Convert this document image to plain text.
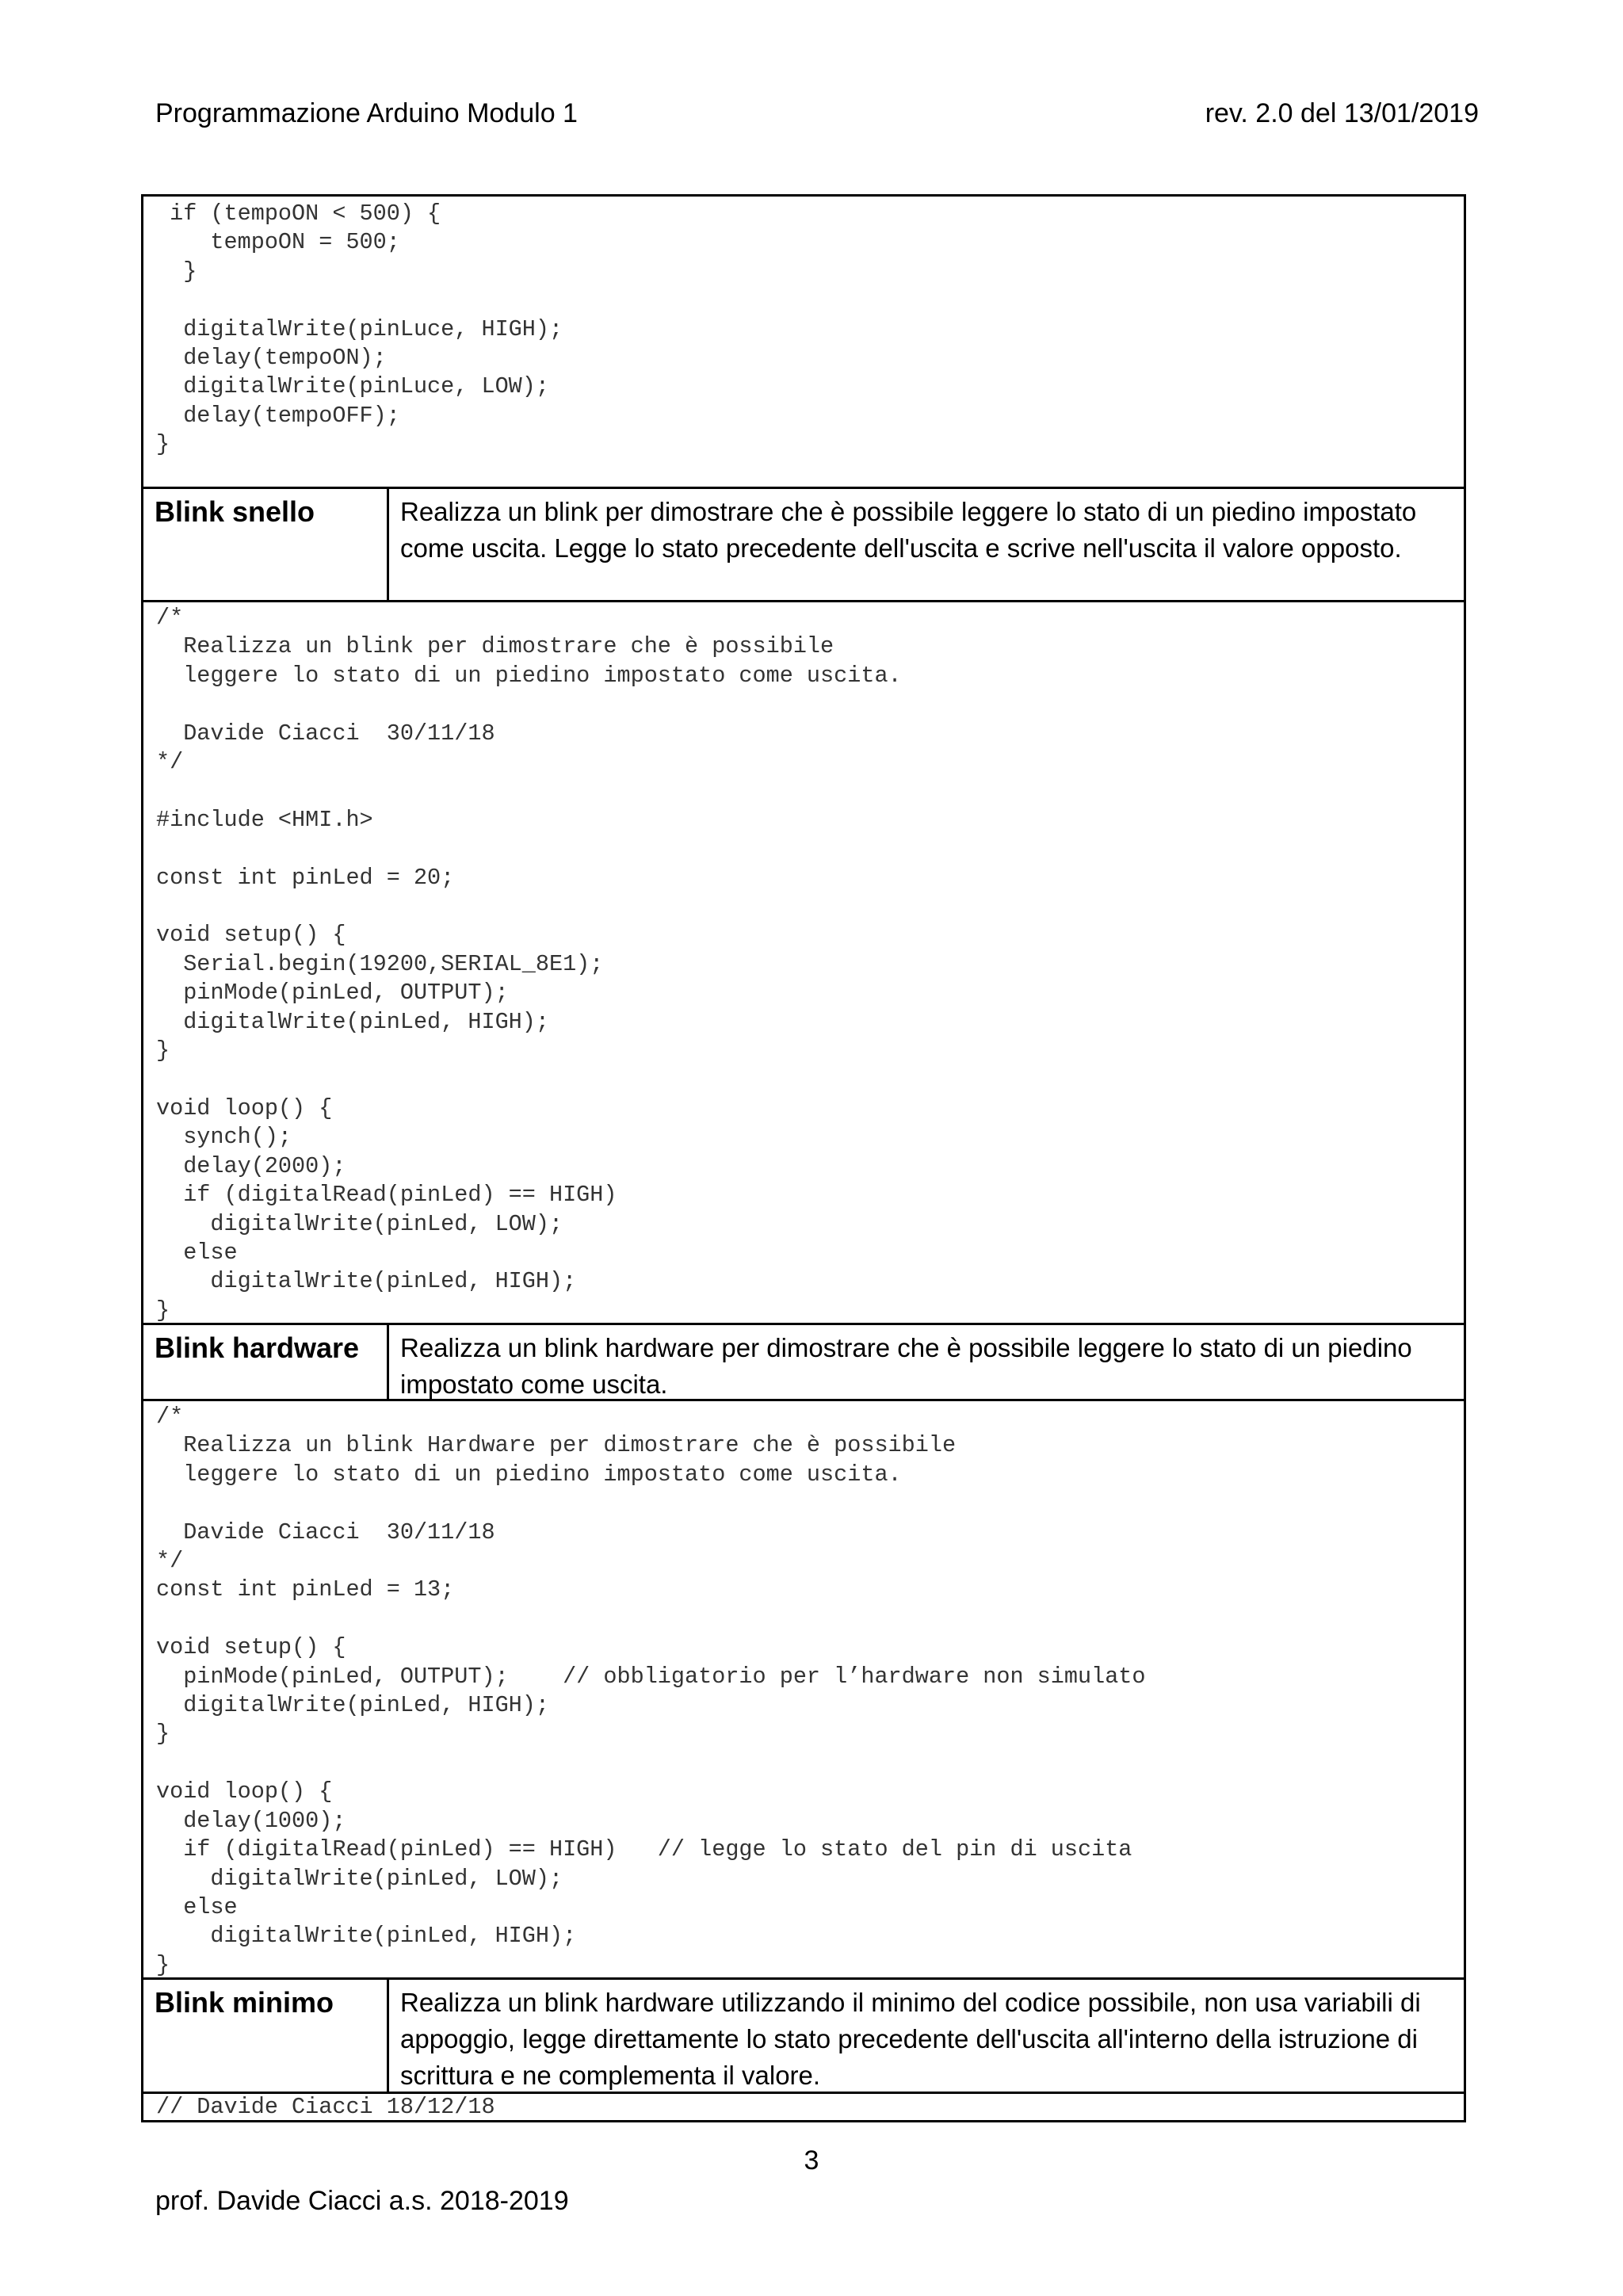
Programmazione Arduino Modulo 1	rev. 2.0 del 13/01/2019
if (tempoON < 500) {
tempoON = 500;
}

digitalWrite(pinLuce, HIGH);
delay(tempoON);
digitalWrite(pinLuce, LOW);
delay(tempoOFF);
}
Blink snello	Realizza un blink per dimostrare che è possibile leggere lo stato di un piedino impostato come uscita. Legge lo stato precedente dell'uscita e scrive nell'uscita il valore opposto.
/*
Realizza un blink per dimostrare che è possibile
leggere lo stato di un piedino impostato come uscita.

Davide Ciacci  30/11/18
*/

#include <HMI.h>

const int pinLed = 20;

void setup() {
Serial.begin(19200,SERIAL_8E1);
pinMode(pinLed, OUTPUT);
digitalWrite(pinLed, HIGH);
}

void loop() {
synch();
delay(2000);
if (digitalRead(pinLed) == HIGH)
digitalWrite(pinLed, LOW);
else
digitalWrite(pinLed, HIGH);
}
Blink hardware	Realizza un blink hardware per dimostrare che è possibile leggere lo stato di un piedino impostato come uscita.
/*
Realizza un blink Hardware per dimostrare che è possibile
leggere lo stato di un piedino impostato come uscita.

Davide Ciacci  30/11/18
*/
const int pinLed = 13;

void setup() {
pinMode(pinLed, OUTPUT);    // obbligatorio per l’hardware non simulato
digitalWrite(pinLed, HIGH);
}

void loop() {
delay(1000);
if (digitalRead(pinLed) == HIGH)   // legge lo stato del pin di uscita
digitalWrite(pinLed, LOW);
else
digitalWrite(pinLed, HIGH);
}
Blink minimo	Realizza un blink hardware utilizzando il minimo del codice possibile, non usa variabili di appoggio, legge direttamente lo stato precedente dell'uscita all'interno della istruzione di scrittura e ne complementa il valore.
// Davide Ciacci 18/12/18
3
prof. Davide Ciacci a.s. 2018-2019
